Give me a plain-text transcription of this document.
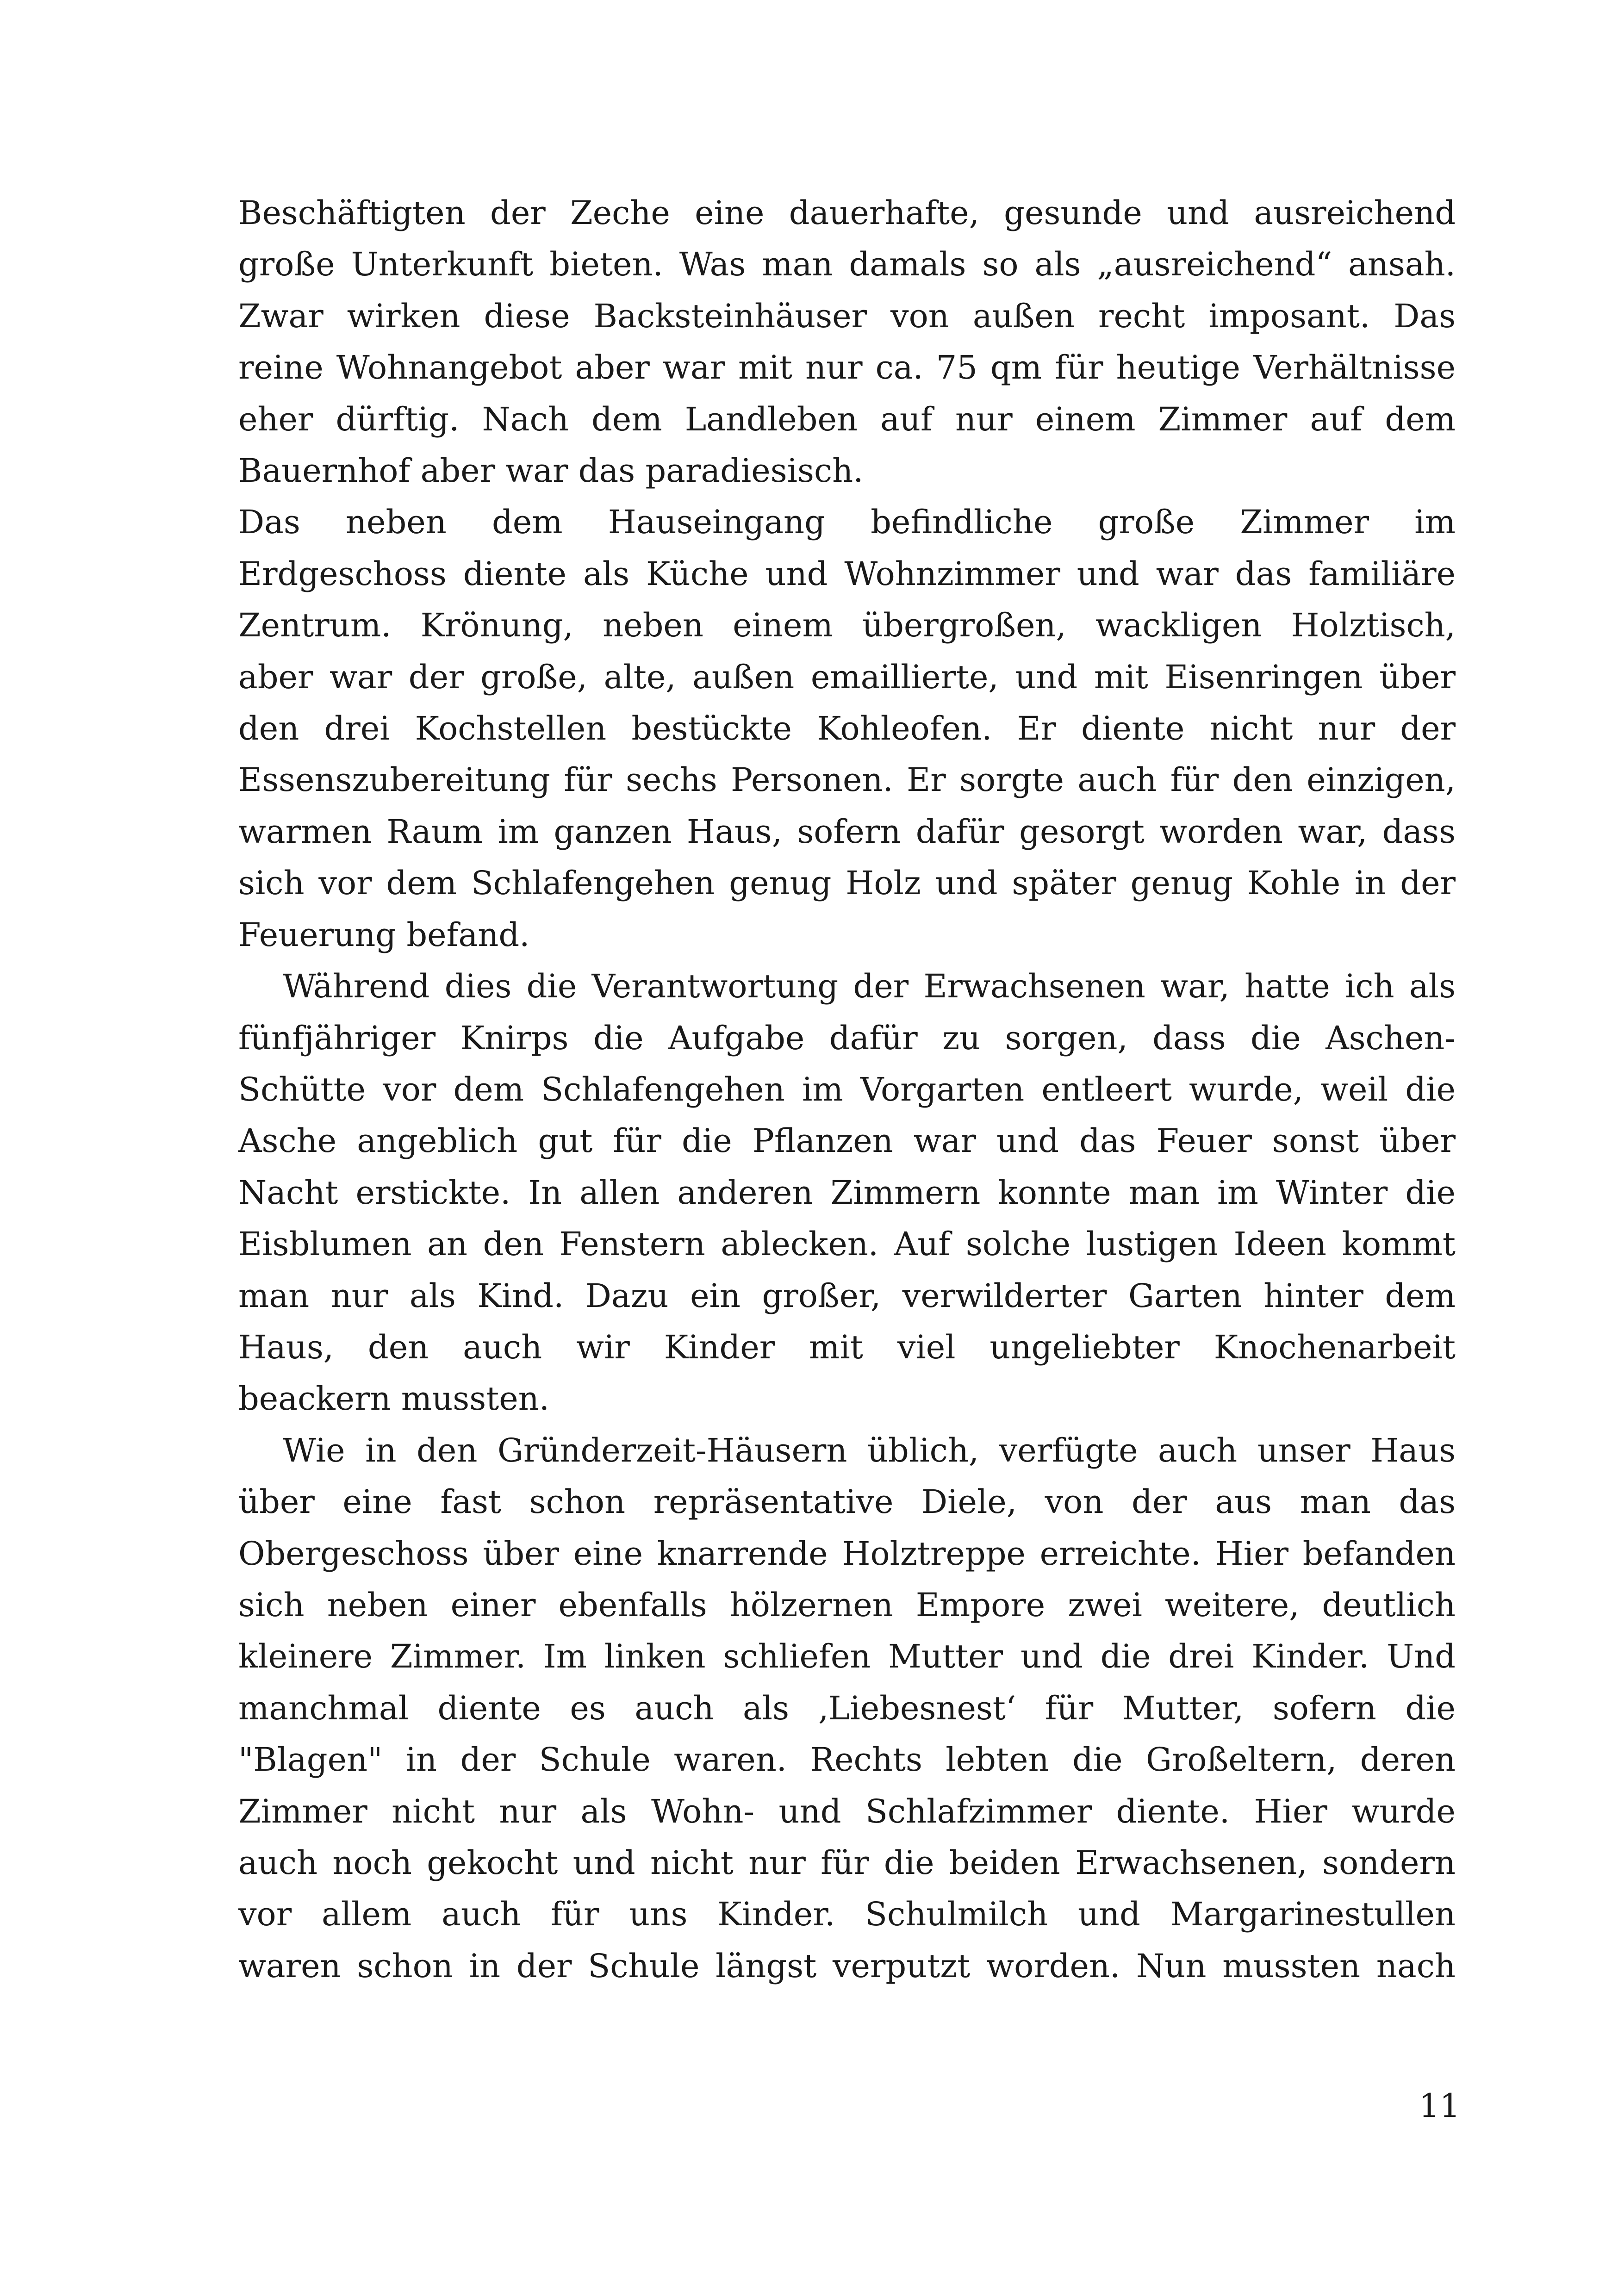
Beschäftigten der Zeche eine dauerhafte, gesunde und ausreichend
große Unterkunft bieten. Was man damals so als „ausreichend“ ansah.
Zwar wirken diese Backsteinhäuser von außen recht imposant. Das
reine Wohnangebot aber war mit nur ca. 75 qm für heutige Verhältnisse
eher dürftig. Nach dem Landleben auf nur einem Zimmer auf dem
Bauernhof aber war das paradiesisch.
Das neben dem Hauseingang befindliche große Zimmer im
Erdgeschoss diente als Küche und Wohnzimmer und war das familiäre
Zentrum. Krönung, neben einem übergroßen, wackligen Holztisch,
aber war der große, alte, außen emaillierte, und mit Eisenringen über
den drei Kochstellen bestückte Kohleofen. Er diente nicht nur der
Essenszubereitung für sechs Personen. Er sorgte auch für den einzigen,
warmen Raum im ganzen Haus, sofern dafür gesorgt worden war, dass
sich vor dem Schlafengehen genug Holz und später genug Kohle in der
Feuerung befand.
Während dies die Verantwortung der Erwachsenen war, hatte ich als
fünfjähriger Knirps die Aufgabe dafür zu sorgen, dass die Aschen-
Schütte vor dem Schlafengehen im Vorgarten entleert wurde, weil die
Asche angeblich gut für die Pflanzen war und das Feuer sonst über
Nacht erstickte. In allen anderen Zimmern konnte man im Winter die
Eisblumen an den Fenstern ablecken. Auf solche lustigen Ideen kommt
man nur als Kind. Dazu ein großer, verwilderter Garten hinter dem
Haus, den auch wir Kinder mit viel ungeliebter Knochenarbeit
beackern mussten.
Wie in den Gründerzeit-Häusern üblich, verfügte auch unser Haus
über eine fast schon repräsentative Diele, von der aus man das
Obergeschoss über eine knarrende Holztreppe erreichte. Hier befanden
sich neben einer ebenfalls hölzernen Empore zwei weitere, deutlich
kleinere Zimmer. Im linken schliefen Mutter und die drei Kinder. Und
manchmal diente es auch als ‚Liebesnest‘ für Mutter, sofern die
"Blagen" in der Schule waren. Rechts lebten die Großeltern, deren
Zimmer nicht nur als Wohn- und Schlafzimmer diente. Hier wurde
auch noch gekocht und nicht nur für die beiden Erwachsenen, sondern
vor allem auch für uns Kinder. Schulmilch und Margarinestullen
waren schon in der Schule längst verputzt worden. Nun mussten nach
11
